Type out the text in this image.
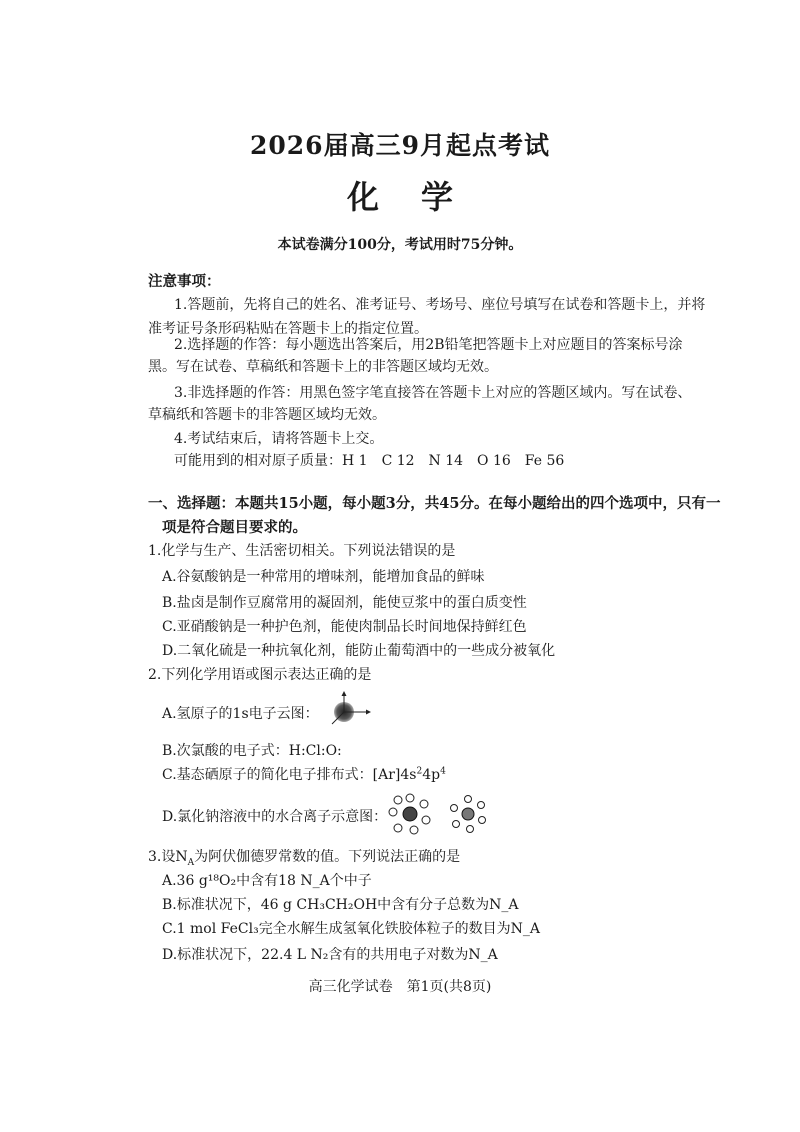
2026届高三9月起点考试
化学
本试卷满分100分，考试用时75分钟。
注意事项：
1.答题前，先将自己的姓名、准考证号、考场号、座位号填写在试卷和答题卡上，并将
准考证号条形码粘贴在答题卡上的指定位置。
2.选择题的作答：每小题选出答案后，用2B铅笔把答题卡上对应题目的答案标号涂
黑。写在试卷、草稿纸和答题卡上的非答题区域均无效。
3.非选择题的作答：用黑色签字笔直接答在答题卡上对应的答题区域内。写在试卷、
草稿纸和答题卡的非答题区域均无效。
4.考试结束后，请将答题卡上交。
可能用到的相对原子质量：H 1　C 12　N 14　O 16　Fe 56
一、选择题：本题共15小题，每小题3分，共45分。在每小题给出的四个选项中，只有一
项是符合题目要求的。
1.化学与生产、生活密切相关。下列说法错误的是
A.谷氨酸钠是一种常用的增味剂，能增加食品的鲜味
B.盐卤是制作豆腐常用的凝固剂，能使豆浆中的蛋白质变性
C.亚硝酸钠是一种护色剂，能使肉制品长时间地保持鲜红色
D.二氧化硫是一种抗氧化剂，能防止葡萄酒中的一些成分被氧化
2.下列化学用语或图示表达正确的是
A.氢原子的1s电子云图：
B.次氯酸的电子式：H:Cl:O:
C.基态硒原子的简化电子排布式：$[Ar]4s^24p^4$
D.氯化钠溶液中的水合离子示意图：
3.设$N_A$为阿伏伽德罗常数的值。下列说法正确的是
A.36 g¹⁸O₂中含有18 N_A个中子
B.标准状况下，46 g CH₃CH₂OH中含有分子总数为N_A
C.1 mol FeCl₃完全水解生成氢氧化铁胶体粒子的数目为N_A
D.标准状况下，22.4 L N₂含有的共用电子对数为N_A
高三化学试卷　第1页(共8页)
